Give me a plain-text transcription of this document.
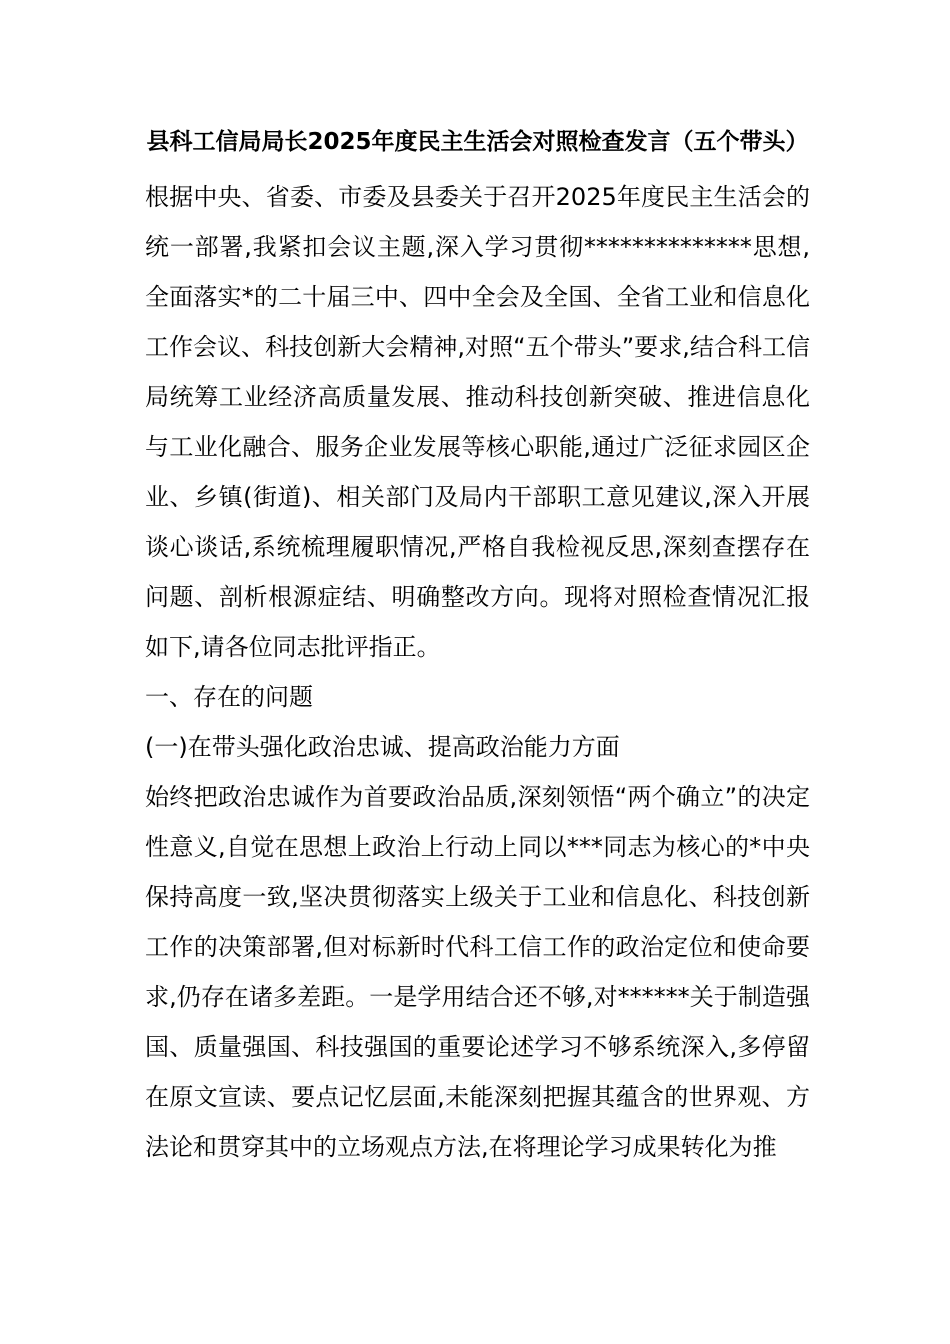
县科工信局局长2025年度民主生活会对照检查发言（五个带头）

根据中央、省委、市委及县委关于召开2025年度民主生活会的统一部署,我紧扣会议主题,深入学习贯彻**************思想,全面落实*的二十届三中、四中全会及全国、全省工业和信息化工作会议、科技创新大会精神,对照“五个带头”要求,结合科工信局统筹工业经济高质量发展、推动科技创新突破、推进信息化与工业化融合、服务企业发展等核心职能,通过广泛征求园区企业、乡镇(街道)、相关部门及局内干部职工意见建议,深入开展谈心谈话,系统梳理履职情况,严格自我检视反思,深刻查摆存在问题、剖析根源症结、明确整改方向。现将对照检查情况汇报如下,请各位同志批评指正。

一、存在的问题

(一)在带头强化政治忠诚、提高政治能力方面

始终把政治忠诚作为首要政治品质,深刻领悟“两个确立”的决定性意义,自觉在思想上政治上行动上同以***同志为核心的*中央保持高度一致,坚决贯彻落实上级关于工业和信息化、科技创新工作的决策部署,但对标新时代科工信工作的政治定位和使命要求,仍存在诸多差距。一是学用结合还不够,对******关于制造强国、质量强国、科技强国的重要论述学习不够系统深入,多停留在原文宣读、要点记忆层面,未能深刻把握其蕴含的世界观、方法论和贯穿其中的立场观点方法,在将理论学习成果转化为推
